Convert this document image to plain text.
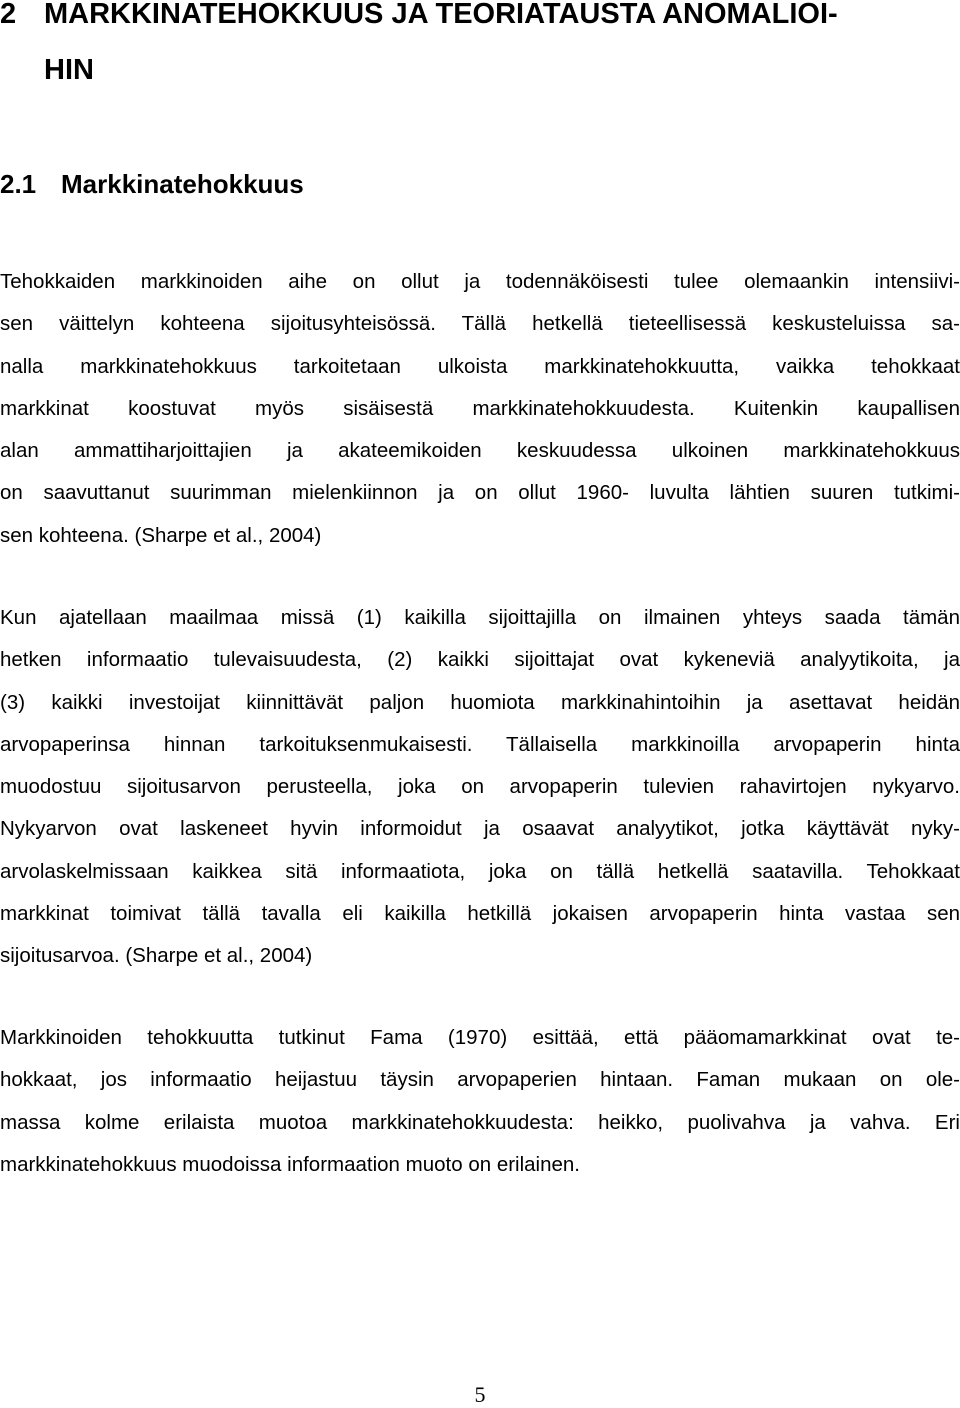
2 MARKKINATEHOKKUUS JA TEORIATAUSTA ANOMALIOI-
HIN
2.1 Markkinatehokkuus

Tehokkaiden markkinoiden aihe on ollut ja todennäköisesti tulee olemaankin intensiivi-
sen väittelyn kohteena sijoitusyhteisössä. Tällä hetkellä tieteellisessä keskusteluissa sa-
nalla markkinatehokkuus tarkoitetaan ulkoista markkinatehokkuutta, vaikka tehokkaat
markkinat koostuvat myös sisäisestä markkinatehokkuudesta. Kuitenkin kaupallisen
alan ammattiharjoittajien ja akateemikoiden keskuudessa ulkoinen markkinatehokkuus
on saavuttanut suurimman mielenkiinnon ja on ollut 1960- luvulta lähtien suuren tutkimi-
sen kohteena. (Sharpe et al., 2004)

Kun ajatellaan maailmaa missä (1) kaikilla sijoittajilla on ilmainen yhteys saada tämän
hetken informaatio tulevaisuudesta, (2) kaikki sijoittajat ovat kykeneviä analyytikoita, ja
(3) kaikki investoijat kiinnittävät paljon huomiota markkinahintoihin ja asettavat heidän
arvopaperinsa hinnan tarkoituksenmukaisesti. Tällaisella markkinoilla arvopaperin hinta
muodostuu sijoitusarvon perusteella, joka on arvopaperin tulevien rahavirtojen nykyarvo.
Nykyarvon ovat laskeneet hyvin informoidut ja osaavat analyytikot, jotka käyttävät nyky-
arvolaskelmissaan kaikkea sitä informaatiota, joka on tällä hetkellä saatavilla. Tehokkaat
markkinat toimivat tällä tavalla eli kaikilla hetkillä jokaisen arvopaperin hinta vastaa sen
sijoitusarvoa. (Sharpe et al., 2004)

Markkinoiden tehokkuutta tutkinut Fama (1970) esittää, että pääomamarkkinat ovat te-
hokkaat, jos informaatio heijastuu täysin arvopaperien hintaan. Faman mukaan on ole-
massa kolme erilaista muotoa markkinatehokkuudesta: heikko, puolivahva ja vahva. Eri
markkinatehokkuus muodoissa informaation muoto on erilainen.

5
